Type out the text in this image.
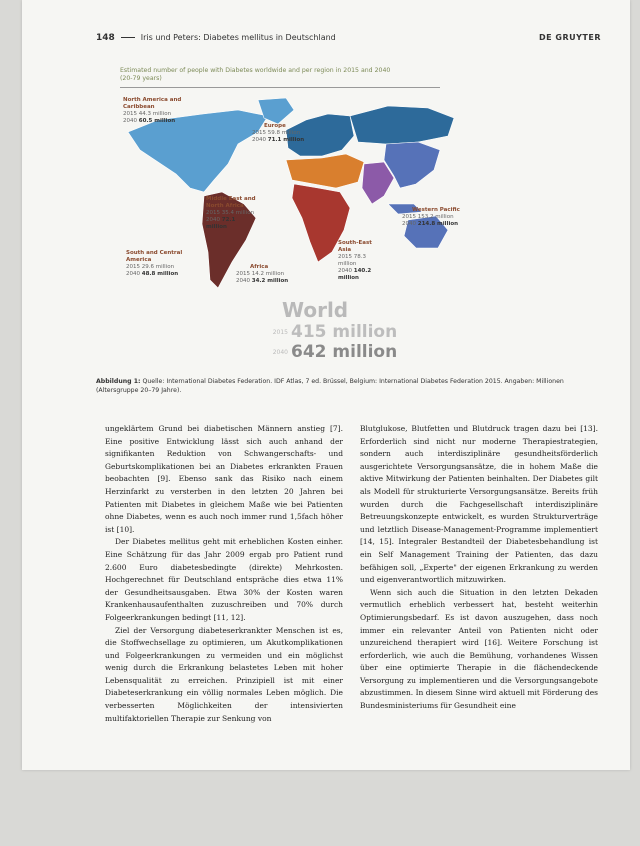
148	Iris und Peters: Diabetes mellitus in Deutschland	DE GRUYTER
Estimated number of people with Diabetes worldwide and per region in 2015 and 2040
(20-79 years)
North America and Caribbean
2015 44.3 million
2040 60.5 million
Europe
2015 59.8 million
2040 71.1 million
Middle East and North Africa
2015 35.4 million
2040 72.1 million
Western Pacific
2015 153.2 million
2040 214.8 million
South-East Asia
2015 78.3 million
2040 140.2 million
South and Central America
2015 29.6 million
2040 48.8 million
Africa
2015 14.2 million
2040 34.2 million
World
2015 415 million
2040 642 million
Abbildung 1: Quelle: International Diabetes Federation. IDF Atlas, 7 ed. Brüssel, Belgium: International Diabetes Federation 2015. Angaben: Millionen (Altersgruppe 20–79 Jahre).

ungeklärtem Grund bei diabetischen Männern anstieg [7]. Eine positive Entwicklung lässt sich auch anhand der signifikanten Reduktion von Schwangerschafts- und Geburtskomplikationen bei an Diabetes erkrankten Frauen beobachten [9]. Ebenso sank das Risiko nach einem Herzinfarkt zu versterben in den letzten 20 Jahren bei Patienten mit Diabetes in gleichem Maße wie bei Patienten ohne Diabetes, wenn es auch noch immer rund 1,5fach höher ist [10].

Der Diabetes mellitus geht mit erheblichen Kosten einher. Eine Schätzung für das Jahr 2009 ergab pro Patient rund 2.600 Euro diabetesbedingte (direkte) Mehrkosten. Hochgerechnet für Deutschland entspräche dies etwa 11% der Gesundheitsausgaben. Etwa 30% der Kosten waren Krankenhausaufenthalten zuzuschreiben und 70% durch Folgeerkrankungen bedingt [11, 12].

Ziel der Versorgung diabeteserkrankter Menschen ist es, die Stoffwechsellage zu optimieren, um Akutkomplikationen und Folgeerkrankungen zu vermeiden und ein möglichst wenig durch die Erkrankung belastetes Leben mit hoher Lebensqualität zu erreichen. Prinzipiell ist mit einer Diabeteserkrankung ein völlig normales Leben möglich. Die verbesserten Möglichkeiten der intensivierten multifaktoriellen Therapie zur Senkung von

Blutglukose, Blutfetten und Blutdruck tragen dazu bei [13]. Erforderlich sind nicht nur moderne Therapiestrategien, sondern auch interdisziplinäre gesundheitsförderlich ausgerichtete Versorgungsansätze, die in hohem Maße die aktive Mitwirkung der Patienten beinhalten. Der Diabetes gilt als Modell für strukturierte Versorgungsansätze. Bereits früh wurden durch die Fachgesellschaft interdisziplinäre Betreuungskonzepte entwickelt, es wurden Strukturverträge und letztlich Disease-Management-Programme implementiert [14, 15]. Integraler Bestandteil der Diabetesbehandlung ist ein Self Management Training der Patienten, das dazu befähigen soll, „Experte" der eigenen Erkrankung zu werden und eigenverantwortlich mitzuwirken.

Wenn sich auch die Situation in den letzten Dekaden vermutlich erheblich verbessert hat, besteht weiterhin Optimierungsbedarf. Es ist davon auszugehen, dass noch immer ein relevanter Anteil von Patienten nicht oder unzureichend therapiert wird [16]. Weitere Forschung ist erforderlich, wie auch die Bemühung, vorhandenes Wissen über eine optimierte Therapie in die flächendeckende Versorgung zu implementieren und die Versorgungsangebote abzustimmen. In diesem Sinne wird aktuell mit Förderung des Bundesministeriums für Gesundheit eine
